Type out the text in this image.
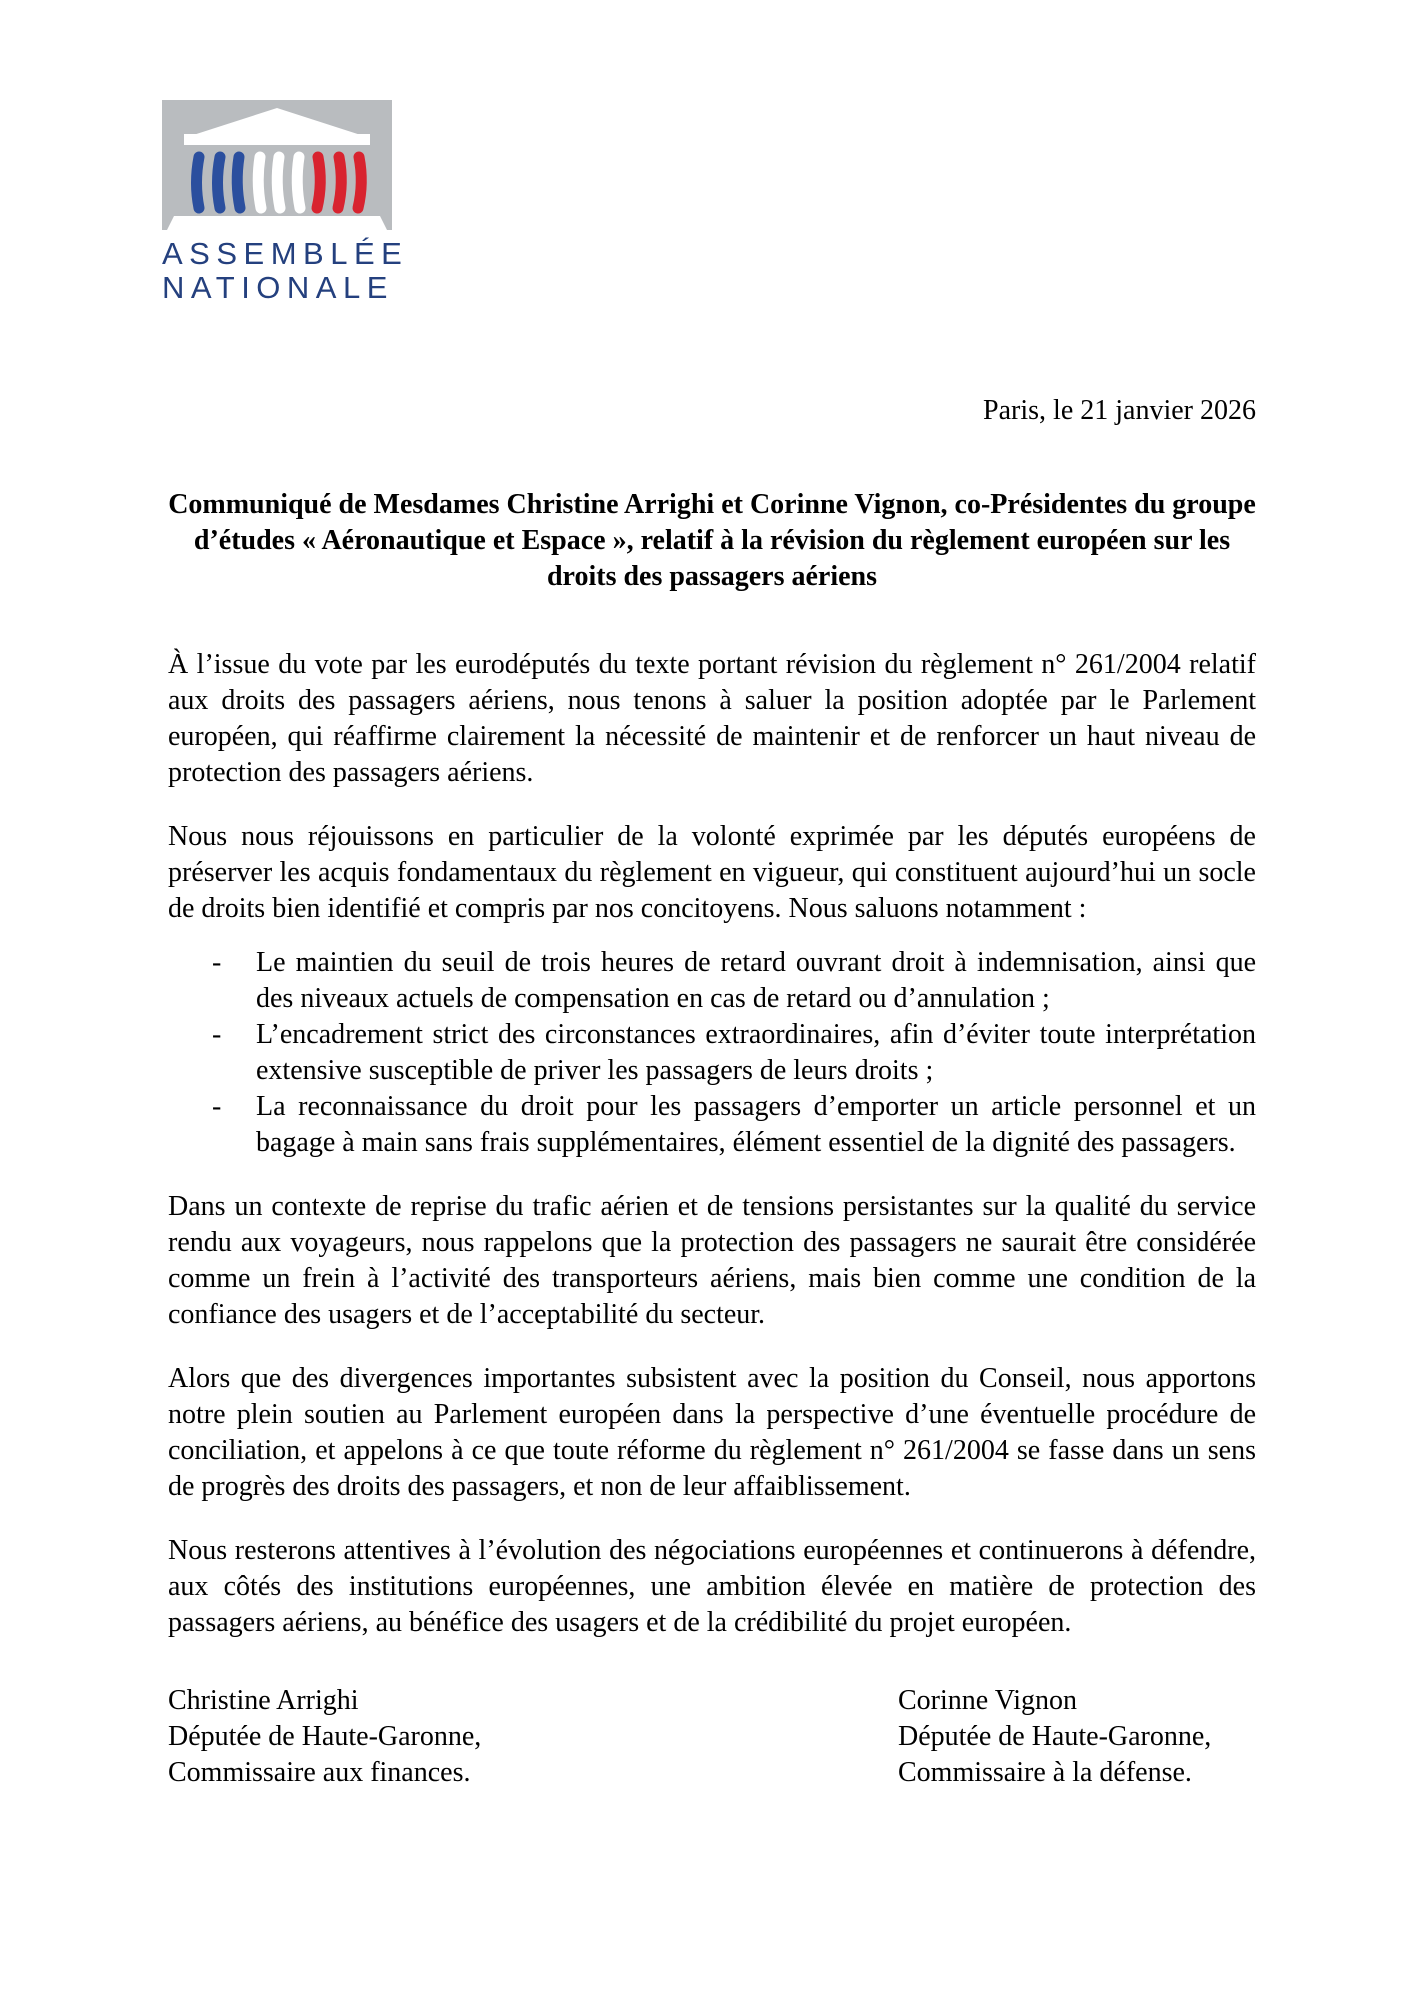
ASSEMBLÉE
NATIONALE

Paris, le 21 janvier 2026

Communiqué de Mesdames Christine Arrighi et Corinne Vignon, co-Présidentes du groupe d’études « Aéronautique et Espace », relatif à la révision du règlement européen sur les droits des passagers aériens

À l’issue du vote par les eurodéputés du texte portant révision du règlement n° 261/2004 relatif aux droits des passagers aériens, nous tenons à saluer la position adoptée par le Parlement européen, qui réaffirme clairement la nécessité de maintenir et de renforcer un haut niveau de protection des passagers aériens.

Nous nous réjouissons en particulier de la volonté exprimée par les députés européens de préserver les acquis fondamentaux du règlement en vigueur, qui constituent aujourd’hui un socle de droits bien identifié et compris par nos concitoyens. Nous saluons notamment :

- Le maintien du seuil de trois heures de retard ouvrant droit à indemnisation, ainsi que des niveaux actuels de compensation en cas de retard ou d’annulation ;
- L’encadrement strict des circonstances extraordinaires, afin d’éviter toute interprétation extensive susceptible de priver les passagers de leurs droits ;
- La reconnaissance du droit pour les passagers d’emporter un article personnel et un bagage à main sans frais supplémentaires, élément essentiel de la dignité des passagers.

Dans un contexte de reprise du trafic aérien et de tensions persistantes sur la qualité du service rendu aux voyageurs, nous rappelons que la protection des passagers ne saurait être considérée comme un frein à l’activité des transporteurs aériens, mais bien comme une condition de la confiance des usagers et de l’acceptabilité du secteur.

Alors que des divergences importantes subsistent avec la position du Conseil, nous apportons notre plein soutien au Parlement européen dans la perspective d’une éventuelle procédure de conciliation, et appelons à ce que toute réforme du règlement n° 261/2004 se fasse dans un sens de progrès des droits des passagers, et non de leur affaiblissement.

Nous resterons attentives à l’évolution des négociations européennes et continuerons à défendre, aux côtés des institutions européennes, une ambition élevée en matière de protection des passagers aériens, au bénéfice des usagers et de la crédibilité du projet européen.

Christine Arrighi

Députée de Haute-Garonne,

Commissaire aux finances.

Corinne Vignon

Députée de Haute-Garonne,

Commissaire à la défense.
